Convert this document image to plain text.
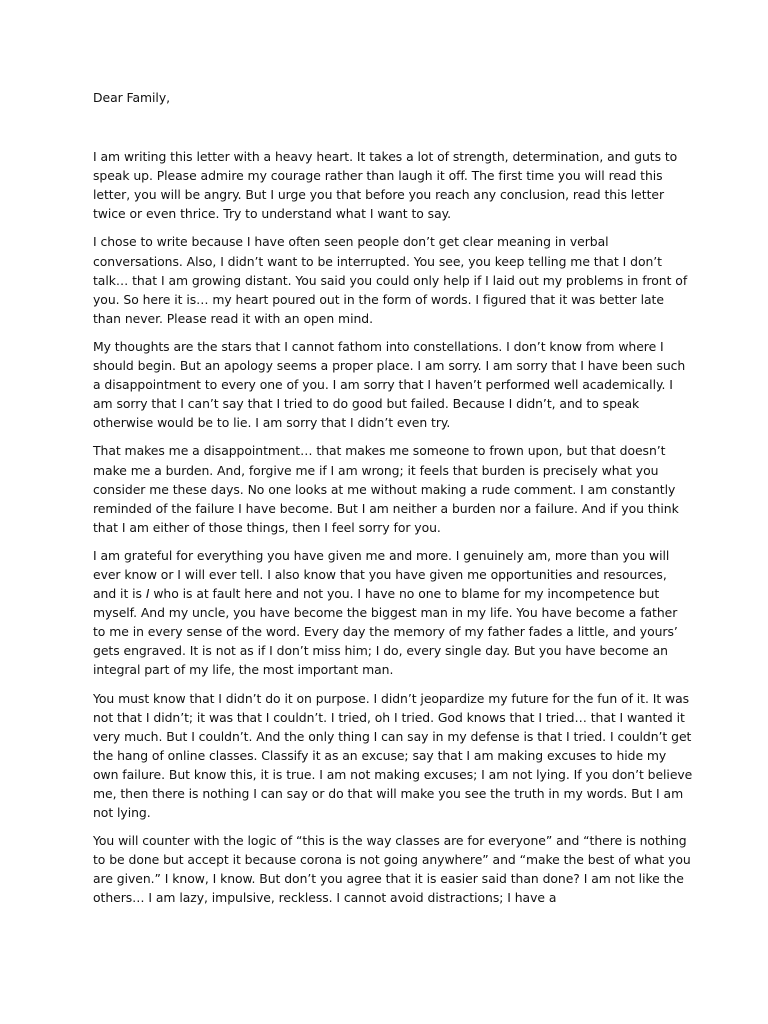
Dear Family,

I am writing this letter with a heavy heart. It takes a lot of strength, determination, and guts to speak up. Please admire my courage rather than laugh it off. The first time you will read this letter, you will be angry. But I urge you that before you reach any conclusion, read this letter twice or even thrice. Try to understand what I want to say.

I chose to write because I have often seen people don’t get clear meaning in verbal conversations. Also, I didn’t want to be interrupted. You see, you keep telling me that I don’t talk… that I am growing distant. You said you could only help if I laid out my problems in front of you. So here it is… my heart poured out in the form of words. I figured that it was better late than never. Please read it with an open mind.

My thoughts are the stars that I cannot fathom into constellations. I don’t know from where I should begin. But an apology seems a proper place. I am sorry. I am sorry that I have been such a disappointment to every one of you. I am sorry that I haven’t performed well academically. I am sorry that I can’t say that I tried to do good but failed. Because I didn’t, and to speak otherwise would be to lie. I am sorry that I didn’t even try.

That makes me a disappointment… that makes me someone to frown upon, but that doesn’t make me a burden. And, forgive me if I am wrong; it feels that burden is precisely what you consider me these days. No one looks at me without making a rude comment. I am constantly reminded of the failure I have become. But I am neither a burden nor a failure. And if you think that I am either of those things, then I feel sorry for you.

I am grateful for everything you have given me and more. I genuinely am, more than you will ever know or I will ever tell. I also know that you have given me opportunities and resources, and it is I who is at fault here and not you. I have no one to blame for my incompetence but myself. And my uncle, you have become the biggest man in my life. You have become a father to me in every sense of the word. Every day the memory of my father fades a little, and yours’ gets engraved. It is not as if I don’t miss him; I do, every single day. But you have become an integral part of my life, the most important man.

You must know that I didn’t do it on purpose. I didn’t jeopardize my future for the fun of it. It was not that I didn’t; it was that I couldn’t. I tried, oh I tried. God knows that I tried… that I wanted it very much. But I couldn’t. And the only thing I can say in my defense is that I tried. I couldn’t get the hang of online classes. Classify it as an excuse; say that I am making excuses to hide my own failure. But know this, it is true. I am not making excuses; I am not lying. If you don’t believe me, then there is nothing I can say or do that will make you see the truth in my words. But I am not lying.

You will counter with the logic of “this is the way classes are for everyone” and “there is nothing to be done but accept it because corona is not going anywhere” and “make the best of what you are given.” I know, I know. But don’t you agree that it is easier said than done? I am not like the others… I am lazy, impulsive, reckless. I cannot avoid distractions; I have a
